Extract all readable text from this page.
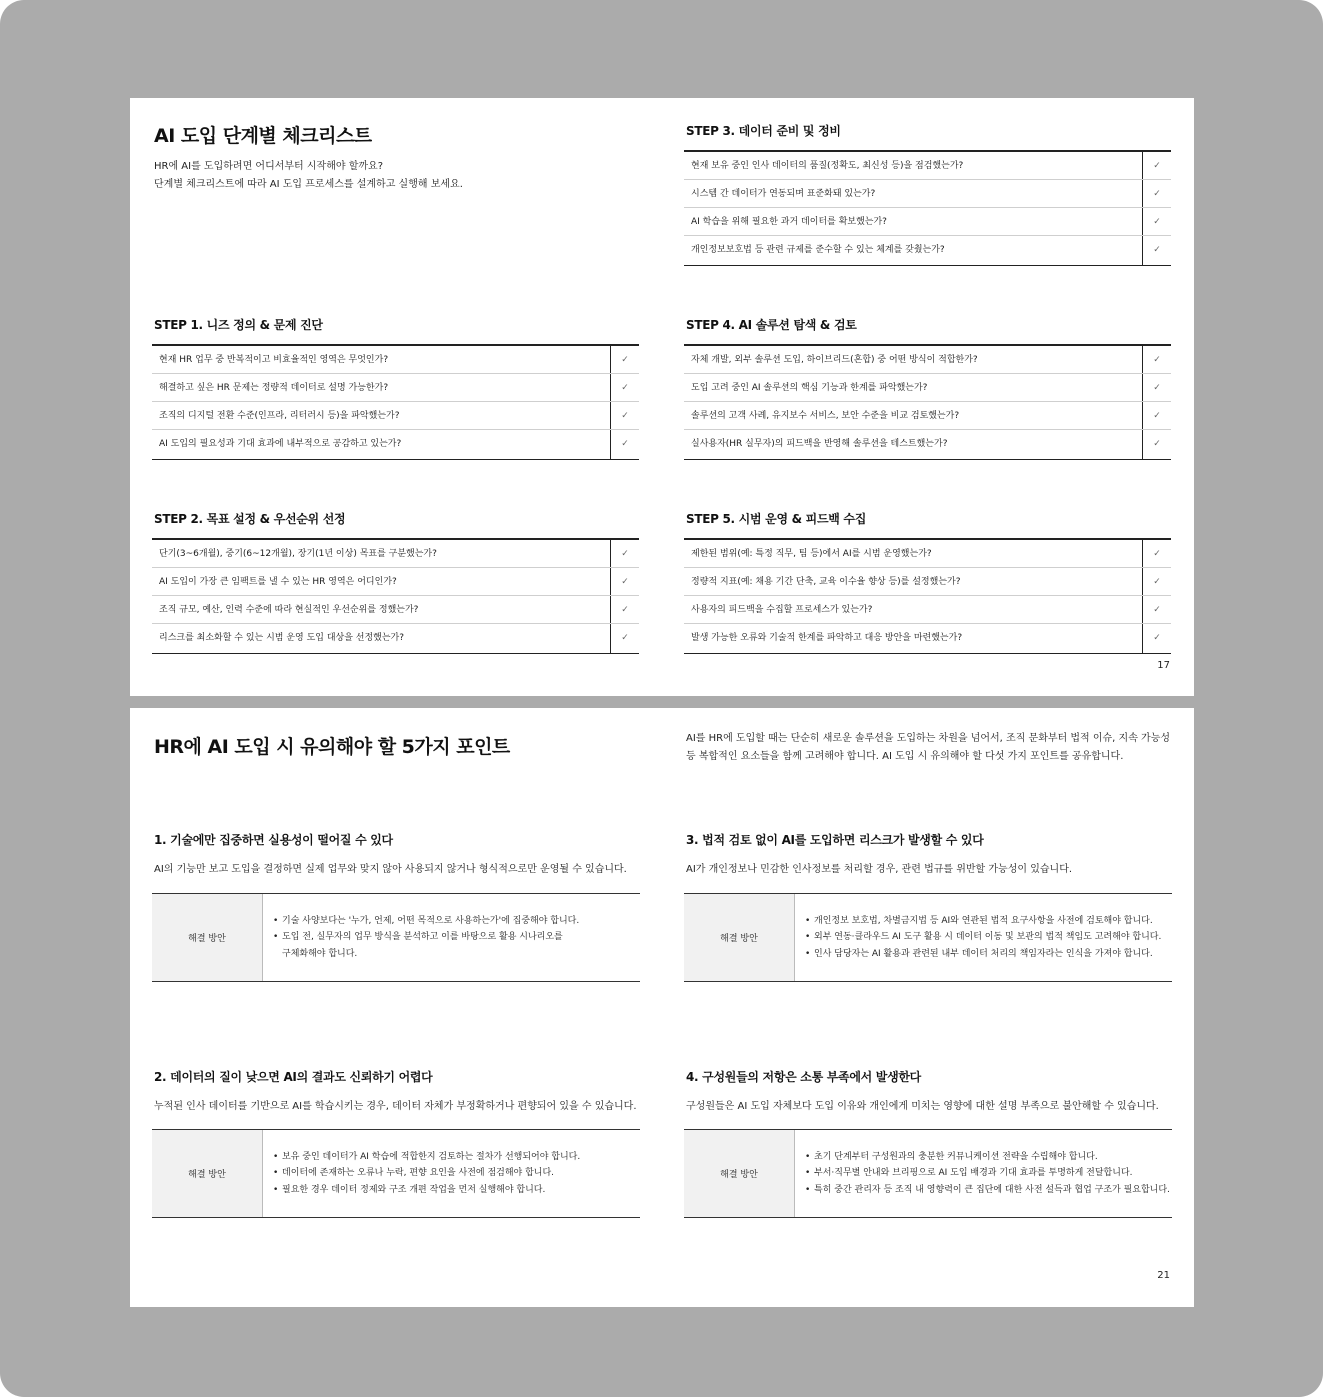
AI 도입 단계별 체크리스트
HR에 AI를 도입하려면 어디서부터 시작해야 할까요?
단계별 체크리스트에 따라 AI 도입 프로세스를 설계하고 실행해 보세요.
STEP 1. 니즈 정의 & 문제 진단
현재 HR 업무 중 반복적이고 비효율적인 영역은 무엇인가?	✓
해결하고 싶은 HR 문제는 정량적 데이터로 설명 가능한가?	✓
조직의 디지털 전환 수준(인프라, 리터러시 등)을 파악했는가?	✓
AI 도입의 필요성과 기대 효과에 내부적으로 공감하고 있는가?	✓
STEP 2. 목표 설정 & 우선순위 선정
단기(3~6개월), 중기(6~12개월), 장기(1년 이상) 목표를 구분했는가?	✓
AI 도입이 가장 큰 임팩트를 낼 수 있는 HR 영역은 어디인가?	✓
조직 규모, 예산, 인력 수준에 따라 현실적인 우선순위를 정했는가?	✓
리스크를 최소화할 수 있는 시범 운영 도입 대상을 선정했는가?	✓
STEP 3. 데이터 준비 및 정비
현재 보유 중인 인사 데이터의 품질(정확도, 최신성 등)을 점검했는가?	✓
시스템 간 데이터가 연동되며 표준화돼 있는가?	✓
AI 학습을 위해 필요한 과거 데이터를 확보했는가?	✓
개인정보보호법 등 관련 규제를 준수할 수 있는 체계를 갖췄는가?	✓
STEP 4. AI 솔루션 탐색 & 검토
자체 개발, 외부 솔루션 도입, 하이브리드(혼합) 중 어떤 방식이 적합한가?	✓
도입 고려 중인 AI 솔루션의 핵심 기능과 한계를 파악했는가?	✓
솔루션의 고객 사례, 유지보수 서비스, 보안 수준을 비교 검토했는가?	✓
실사용자(HR 실무자)의 피드백을 반영해 솔루션을 테스트했는가?	✓
STEP 5. 시범 운영 & 피드백 수집
제한된 범위(예: 특정 직무, 팀 등)에서 AI를 시범 운영했는가?	✓
정량적 지표(예: 채용 기간 단축, 교육 이수율 향상 등)를 설정했는가?	✓
사용자의 피드백을 수집할 프로세스가 있는가?	✓
발생 가능한 오류와 기술적 한계를 파악하고 대응 방안을 마련했는가?	✓
17
HR에 AI 도입 시 유의해야 할 5가지 포인트	AI를 HR에 도입할 때는 단순히 새로운 솔루션을 도입하는 차원을 넘어서, 조직 문화부터 법적 이슈, 지속 가능성
등 복합적인 요소들을 함께 고려해야 합니다. AI 도입 시 유의해야 할 다섯 가지 포인트를 공유합니다.
1. 기술에만 집중하면 실용성이 떨어질 수 있다
AI의 기능만 보고 도입을 결정하면 실제 업무와 맞지 않아 사용되지 않거나 형식적으로만 운영될 수 있습니다.
해결 방안
• 기술 사양보다는 '누가, 언제, 어떤 목적으로 사용하는가'에 집중해야 합니다.
• 도입 전, 실무자의 업무 방식을 분석하고 이를 바탕으로 활용 시나리오를 구체화해야 합니다.
2. 데이터의 질이 낮으면 AI의 결과도 신뢰하기 어렵다
누적된 인사 데이터를 기반으로 AI를 학습시키는 경우, 데이터 자체가 부정확하거나 편향되어 있을 수 있습니다.
해결 방안
• 보유 중인 데이터가 AI 학습에 적합한지 검토하는 절차가 선행되어야 합니다.
• 데이터에 존재하는 오류나 누락, 편향 요인을 사전에 점검해야 합니다.
• 필요한 경우 데이터 정제와 구조 개편 작업을 먼저 실행해야 합니다.
3. 법적 검토 없이 AI를 도입하면 리스크가 발생할 수 있다
AI가 개인정보나 민감한 인사정보를 처리할 경우, 관련 법규를 위반할 가능성이 있습니다.
해결 방안
• 개인정보 보호법, 차별금지법 등 AI와 연관된 법적 요구사항을 사전에 검토해야 합니다.
• 외부 연동·클라우드 AI 도구 활용 시 데이터 이동 및 보관의 법적 책임도 고려해야 합니다.
• 인사 담당자는 AI 활용과 관련된 내부 데이터 처리의 책임자라는 인식을 가져야 합니다.
4. 구성원들의 저항은 소통 부족에서 발생한다
구성원들은 AI 도입 자체보다 도입 이유와 개인에게 미치는 영향에 대한 설명 부족으로 불안해할 수 있습니다.
해결 방안
• 초기 단계부터 구성원과의 충분한 커뮤니케이션 전략을 수립해야 합니다.
• 부서·직무별 안내와 브리핑으로 AI 도입 배경과 기대 효과를 투명하게 전달합니다.
• 특히 중간 관리자 등 조직 내 영향력이 큰 집단에 대한 사전 설득과 협업 구조가 필요합니다.
21
